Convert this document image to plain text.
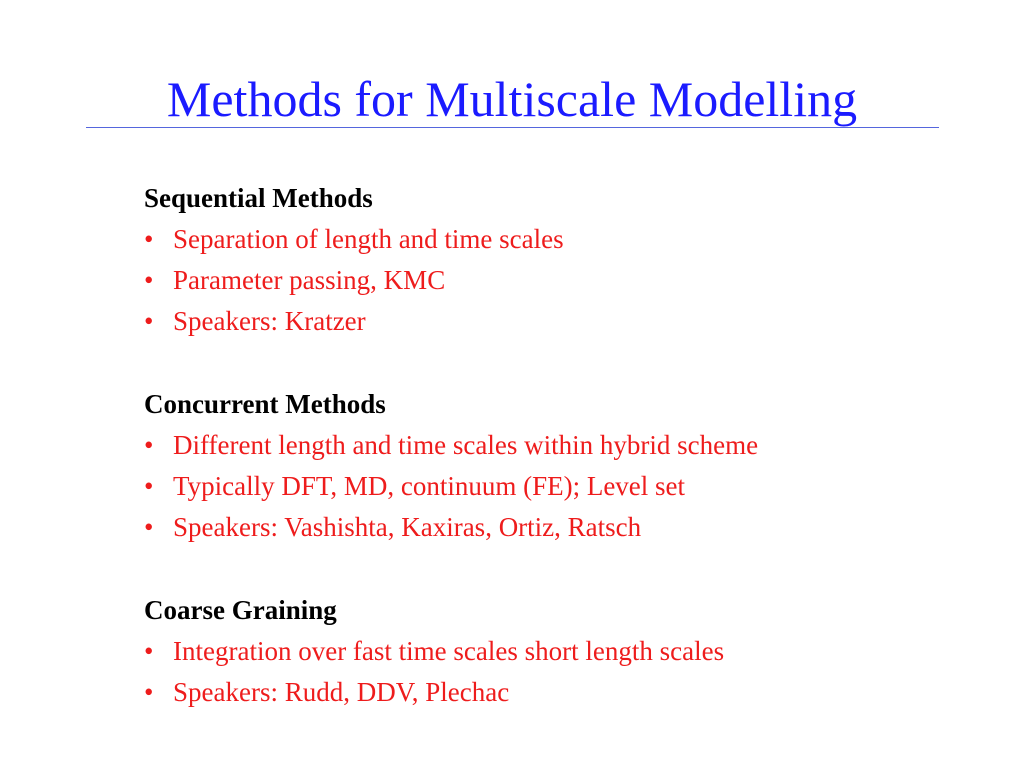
Methods for Multiscale Modelling
Sequential Methods
• Separation of length and time scales
• Parameter passing, KMC
• Speakers: Kratzer
Concurrent Methods
• Different length and time scales within hybrid scheme
• Typically DFT, MD, continuum (FE); Level set
• Speakers: Vashishta, Kaxiras, Ortiz, Ratsch
Coarse Graining
• Integration over fast time scales short length scales
• Speakers: Rudd, DDV, Plechac
